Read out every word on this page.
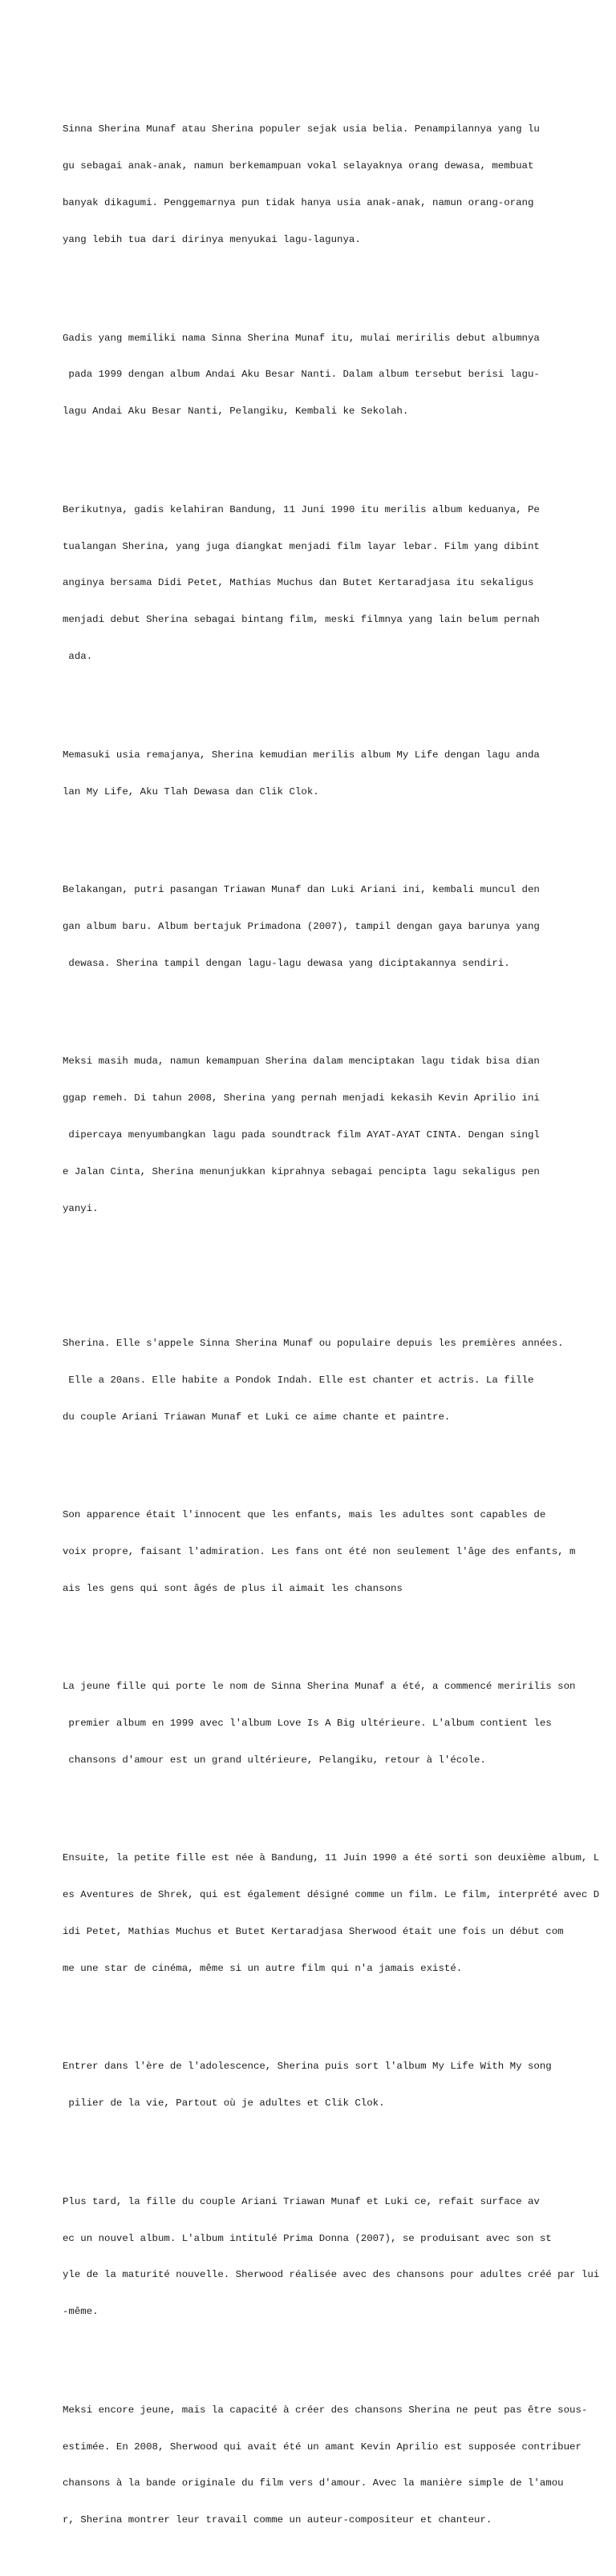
Sinna Sherina Munaf atau Sherina populer sejak usia belia. Penampilannya yang lu

gu sebagai anak-anak, namun berkemampuan vokal selayaknya orang dewasa, membuat

banyak dikagumi. Penggemarnya pun tidak hanya usia anak-anak, namun orang-orang

yang lebih tua dari dirinya menyukai lagu-lagunya.

Gadis yang memiliki nama Sinna Sherina Munaf itu, mulai meririlis debut albumnya

pada 1999 dengan album Andai Aku Besar Nanti. Dalam album tersebut berisi lagu-

lagu Andai Aku Besar Nanti, Pelangiku, Kembali ke Sekolah.

Berikutnya, gadis kelahiran Bandung, 11 Juni 1990 itu merilis album keduanya, Pe

tualangan Sherina, yang juga diangkat menjadi film layar lebar. Film yang dibint

anginya bersama Didi Petet, Mathias Muchus dan Butet Kertaradjasa itu sekaligus

menjadi debut Sherina sebagai bintang film, meski filmnya yang lain belum pernah

ada.

Memasuki usia remajanya, Sherina kemudian merilis album My Life dengan lagu anda

lan My Life, Aku Tlah Dewasa dan Clik Clok.

Belakangan, putri pasangan Triawan Munaf dan Luki Ariani ini, kembali muncul den

gan album baru. Album bertajuk Primadona (2007), tampil dengan gaya barunya yang

dewasa. Sherina tampil dengan lagu-lagu dewasa yang diciptakannya sendiri.

Meksi masih muda, namun kemampuan Sherina dalam menciptakan lagu tidak bisa dian

ggap remeh. Di tahun 2008, Sherina yang pernah menjadi kekasih Kevin Aprilio ini

dipercaya menyumbangkan lagu pada soundtrack film AYAT-AYAT CINTA. Dengan singl

e Jalan Cinta, Sherina menunjukkan kiprahnya sebagai pencipta lagu sekaligus pen

yanyi.

Sherina. Elle s'appele Sinna Sherina Munaf ou populaire depuis les premières années.

Elle a 20ans. Elle habite a Pondok Indah. Elle est chanter et actris. La fille

du couple Ariani Triawan Munaf et Luki ce aime chante et paintre.

Son apparence était l'innocent que les enfants, mais les adultes sont capables de

voix propre, faisant l'admiration. Les fans ont été non seulement l'âge des enfants, m

ais les gens qui sont âgés de plus il aimait les chansons

La jeune fille qui porte le nom de Sinna Sherina Munaf a été, a commencé meririlis son

premier album en 1999 avec l'album Love Is A Big ultérieure. L'album contient les

chansons d'amour est un grand ultérieure, Pelangiku, retour à l'école.

Ensuite, la petite fille est née à Bandung, 11 Juin 1990 a été sorti son deuxième album, L

es Aventures de Shrek, qui est également désigné comme un film. Le film, interprété avec D

idi Petet, Mathias Muchus et Butet Kertaradjasa Sherwood était une fois un début com

me une star de cinéma, même si un autre film qui n'a jamais existé.

Entrer dans l'ère de l'adolescence, Sherina puis sort l'album My Life With My song

pilier de la vie, Partout où je adultes et Clik Clok.

Plus tard, la fille du couple Ariani Triawan Munaf et Luki ce, refait surface av

ec un nouvel album. L'album intitulé Prima Donna (2007), se produisant avec son st

yle de la maturité nouvelle. Sherwood réalisée avec des chansons pour adultes créé par lui

-même.

Meksi encore jeune, mais la capacité à créer des chansons Sherina ne peut pas être sous-

estimée. En 2008, Sherwood qui avait été un amant Kevin Aprilio est supposée contribuer

chansons à la bande originale du film vers d'amour. Avec la manière simple de l'amou

r, Sherina montrer leur travail comme un auteur-compositeur et chanteur.
